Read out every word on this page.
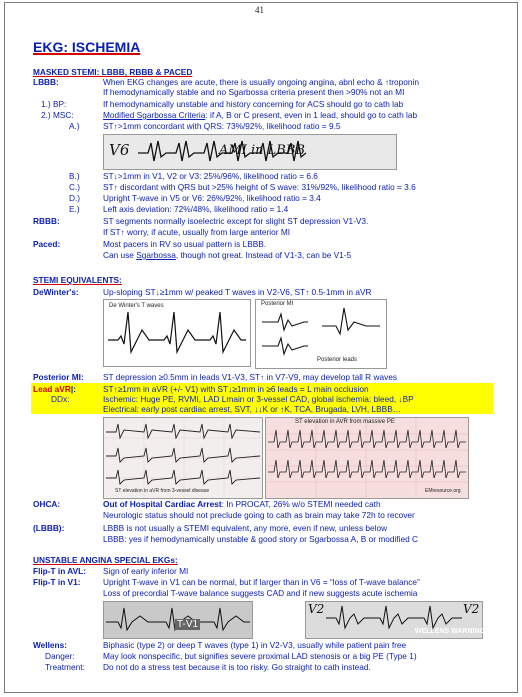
41
EKG: ISCHEMIA
MASKED STEMI: LBBB, RBBB & PACED
LBBB:	When EKG changes are acute, there is usually ongoing angina, abnl echo & ↑troponin
If hemodynamically stable and no Sgarbossa criteria present then >90% not an MI
1.) BP:	If hemodynamically unstable and history concerning for ACS should go to cath lab
2.) MSC:	Modified Sgarbossa Criteria: if A, B or C present, even in 1 lead, should go to cath lab
A.)	ST↑>1mm concordant with QRS: 73%/92%, likelihood ratio = 9.5
V6	AMI in LBBB
B.)	ST↓>1mm in V1, V2 or V3: 25%/96%, likelihood ratio = 6.6
C.)	ST↑ discordant with QRS but >25% height of S wave: 31%/92%, likelihood ratio = 3.6
D.)	Upright T-wave in V5 or V6: 26%/92%, likelihood ratio = 3.4
E.)	Left axis deviation: 72%/48%, likelihood ratio = 1.4
RBBB:	ST segments normally isoelectric except for slight ST depression V1-V3.
If ST↑ worry, if acute, usually from large anterior MI
Paced:	Most pacers in RV so usual pattern is LBBB.
Can use Sgarbossa, though not great. Instead of V1-3, can be V1-5
STEMI EQUIVALENTS:
DeWinter's:	Up-sloping ST↓≥1mm w/ peaked T waves in V2-V6, ST↑ 0.5-1mm in aVR
De Winter's T waves	Posterior MI
Posterior leads
Posterior MI: ST depression ≥0.5mm in leads V1-V3, ST↑ in V7-V9, may develop tall R waves
Lead aVR|:	ST↑≥1mm in aVR (+/- V1) with ST↓≥1mm in ≥6 leads = L main occlusion
DDx:	Ischemic: Huge PE, RVMI, LAD Lmain or 3-vessel CAD, global ischemia: bleed, ↓BP
Electrical: early post cardiac arrest, SVT, ↓↓K or ↑K, TCA, Brugada, LVH, LBBB…
ST elevation in aVR from 3-vessel disease
ST elevation in AVR from massive PE
EMresource.org
OHCA:	Out of Hospital Cardiac Arrest: In PROCAT, 26% w/o STEMI needed cath
Neurologic status should not preclude going to cath as brain may take 72h to recover
(LBBB):	LBBB is not usually a STEMI equivalent, any more, even if new, unless below
LBBB: yes if hemodynamically unstable & good story or Sgarbossa A, B or modified C
UNSTABLE ANGINA SPECIAL EKGs:
Flip-T in AVL: Sign of early inferior MI
Flip-T in V1:	Upright T-wave in V1 can be normal, but if larger than in V6 = “loss of T-wave balance”
Loss of precordial T-wave balance suggests CAD and if new suggests acute ischemia
T-V1
V2	V2
WELLENS WARNING
Wellens:	Biphasic (type 2) or deep T waves (type 1) in V2-V3, usually while patient pain free
Danger:	May look nonspecific, but signifies severe proximal LAD stenosis or a big PE (Type 1)
Treatment: Do not do a stress test because it is too risky. Go straight to cath instead.
